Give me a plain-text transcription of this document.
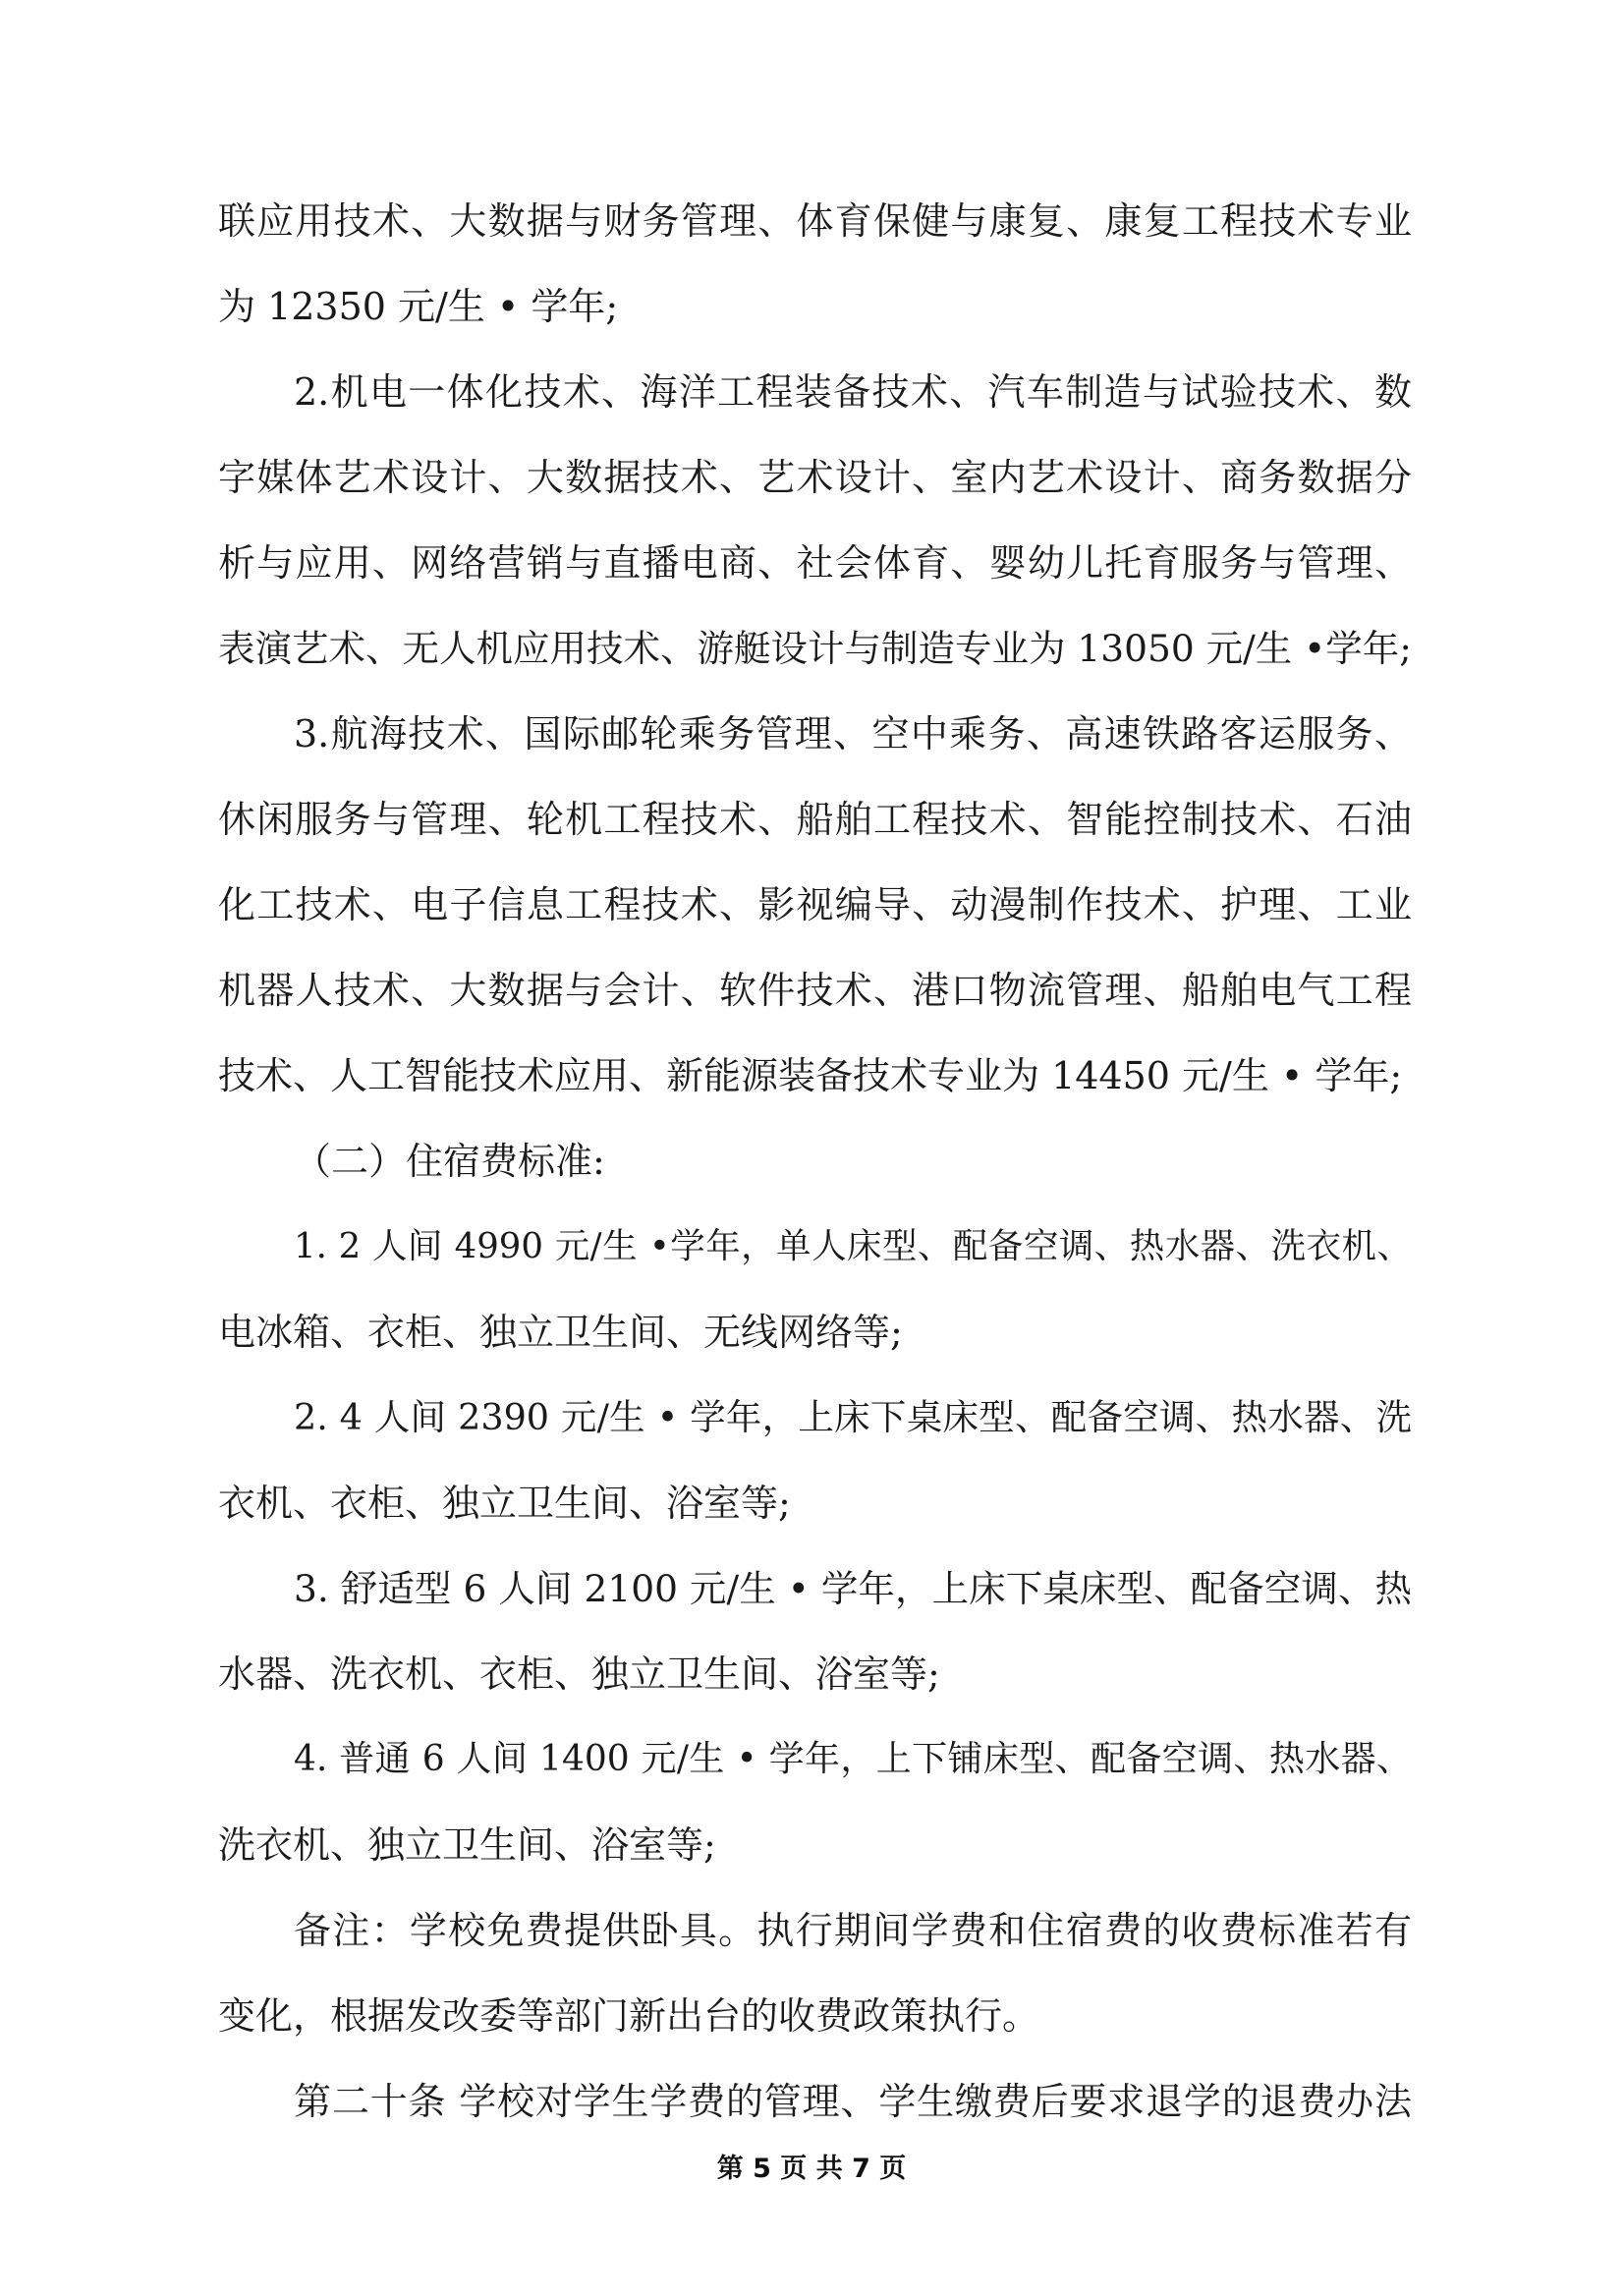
联应用技术、大数据与财务管理、体育保健与康复、康复工程技术专业
为 12350 元/生 • 学年;
2.机电一体化技术、海洋工程装备技术、汽车制造与试验技术、数
字媒体艺术设计、大数据技术、艺术设计、室内艺术设计、商务数据分
析与应用、网络营销与直播电商、社会体育、婴幼儿托育服务与管理、
表演艺术、无人机应用技术、游艇设计与制造专业为 13050 元/生 •学年;
3.航海技术、国际邮轮乘务管理、空中乘务、高速铁路客运服务、
休闲服务与管理、轮机工程技术、船舶工程技术、智能控制技术、石油
化工技术、电子信息工程技术、影视编导、动漫制作技术、护理、工业
机器人技术、大数据与会计、软件技术、港口物流管理、船舶电气工程
技术、人工智能技术应用、新能源装备技术专业为 14450 元/生 • 学年;
（二）住宿费标准:
1. 2 人间 4990 元/生 •学年，单人床型、配备空调、热水器、洗衣机、
电冰箱、衣柜、独立卫生间、无线网络等;
2. 4 人间 2390 元/生 • 学年，上床下桌床型、配备空调、热水器、洗
衣机、衣柜、独立卫生间、浴室等;
3. 舒适型 6 人间 2100 元/生 • 学年，上床下桌床型、配备空调、热
水器、洗衣机、衣柜、独立卫生间、浴室等;
4. 普通 6 人间 1400 元/生 • 学年，上下铺床型、配备空调、热水器、
洗衣机、独立卫生间、浴室等;
备注：学校免费提供卧具。执行期间学费和住宿费的收费标准若有
变化，根据发改委等部门新出台的收费政策执行。
第二十条 学校对学生学费的管理、学生缴费后要求退学的退费办法
第 5 页 共 7 页
